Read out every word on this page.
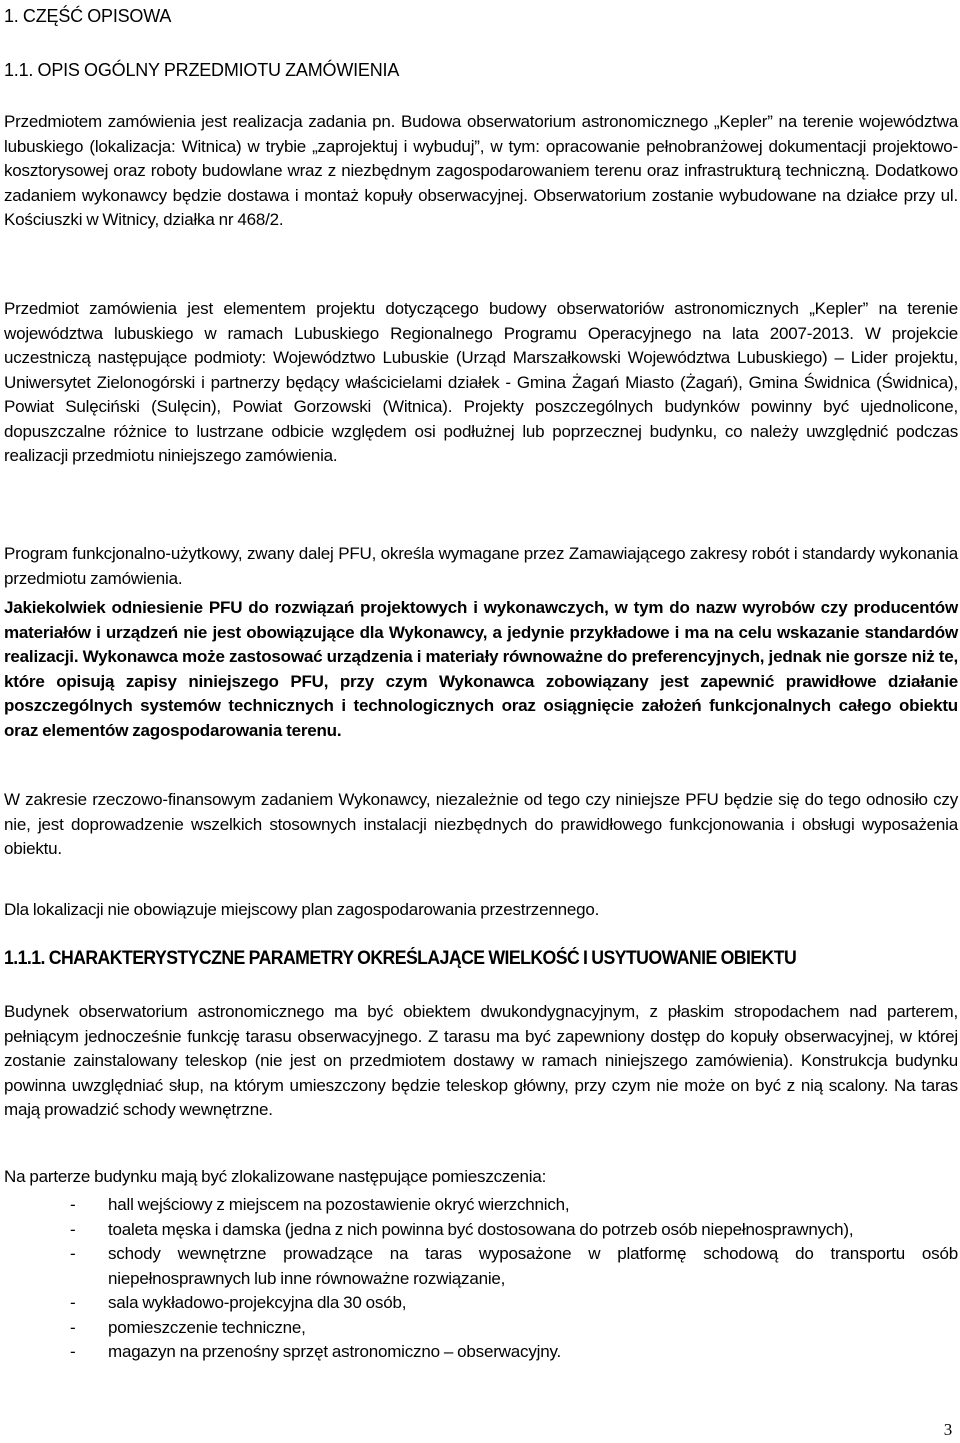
1. CZĘŚĆ OPISOWA
1.1. OPIS OGÓLNY PRZEDMIOTU ZAMÓWIENIA
Przedmiotem zamówienia jest realizacja zadania pn. Budowa obserwatorium astronomicznego „Kepler” na terenie województwa lubuskiego (lokalizacja: Witnica) w trybie „zaprojektuj i wybuduj”, w tym: opracowanie pełnobranżowej dokumentacji projektowo-kosztorysowej oraz roboty budowlane wraz z niezbędnym zagospodarowaniem terenu oraz infrastrukturą techniczną. Dodatkowo zadaniem wykonawcy będzie dostawa i montaż kopuły obserwacyjnej. Obserwatorium zostanie wybudowane na działce przy ul. Kościuszki w Witnicy, działka nr 468/2.
Przedmiot zamówienia jest elementem projektu dotyczącego budowy obserwatoriów astronomicznych „Kepler” na terenie województwa lubuskiego w ramach Lubuskiego Regionalnego Programu Operacyjnego na lata 2007-2013. W projekcie uczestniczą następujące podmioty: Województwo Lubuskie (Urząd Marszałkowski Województwa Lubuskiego) – Lider projektu, Uniwersytet Zielonogórski i partnerzy będący właścicielami działek - Gmina Żagań Miasto (Żagań), Gmina Świdnica (Świdnica), Powiat Sulęciński (Sulęcin), Powiat Gorzowski (Witnica). Projekty poszczególnych budynków powinny być ujednolicone, dopuszczalne różnice to lustrzane odbicie względem osi podłużnej lub poprzecznej budynku, co należy uwzględnić podczas realizacji przedmiotu niniejszego zamówienia.
Program funkcjonalno-użytkowy, zwany dalej PFU, określa wymagane przez Zamawiającego zakresy robót i standardy wykonania przedmiotu zamówienia.
Jakiekolwiek odniesienie PFU do rozwiązań projektowych i wykonawczych, w tym do nazw wyrobów czy producentów materiałów i urządzeń nie jest obowiązujące dla Wykonawcy, a jedynie przykładowe i ma na celu wskazanie standardów realizacji. Wykonawca może zastosować urządzenia i materiały równoważne do preferencyjnych, jednak nie gorsze niż te, które opisują zapisy niniejszego PFU, przy czym Wykonawca zobowiązany jest zapewnić prawidłowe działanie poszczególnych systemów technicznych i technologicznych oraz osiągnięcie założeń funkcjonalnych całego obiektu oraz elementów zagospodarowania terenu.
W zakresie rzeczowo-finansowym zadaniem Wykonawcy, niezależnie od tego czy niniejsze PFU będzie się do tego odnosiło czy nie, jest doprowadzenie wszelkich stosownych instalacji niezbędnych do prawidłowego funkcjonowania i obsługi wyposażenia obiektu.
Dla lokalizacji nie obowiązuje miejscowy plan zagospodarowania przestrzennego.
1.1.1. CHARAKTERYSTYCZNE PARAMETRY OKREŚLAJĄCE WIELKOŚĆ I USYTUOWANIE OBIEKTU
Budynek obserwatorium astronomicznego ma być obiektem dwukondygnacyjnym, z płaskim stropodachem nad parterem, pełniącym jednocześnie funkcję tarasu obserwacyjnego. Z tarasu ma być zapewniony dostęp do kopuły obserwacyjnej, w której zostanie zainstalowany teleskop (nie jest on przedmiotem dostawy w ramach niniejszego zamówienia). Konstrukcja budynku powinna uwzględniać słup, na którym umieszczony będzie teleskop główny, przy czym nie może on być z nią scalony. Na taras mają prowadzić schody wewnętrzne.
Na parterze budynku mają być zlokalizowane następujące pomieszczenia:
- hall wejściowy z miejscem na pozostawienie okryć wierzchnich,
- toaleta męska i damska (jedna z nich powinna być dostosowana do potrzeb osób niepełnosprawnych),
- schody wewnętrzne prowadzące na taras wyposażone w platformę schodową do transportu osób niepełnosprawnych lub inne równoważne rozwiązanie,
- sala wykładowo-projekcyjna dla 30 osób,
- pomieszczenie techniczne,
- magazyn na przenośny sprzęt astronomiczno – obserwacyjny.
3
